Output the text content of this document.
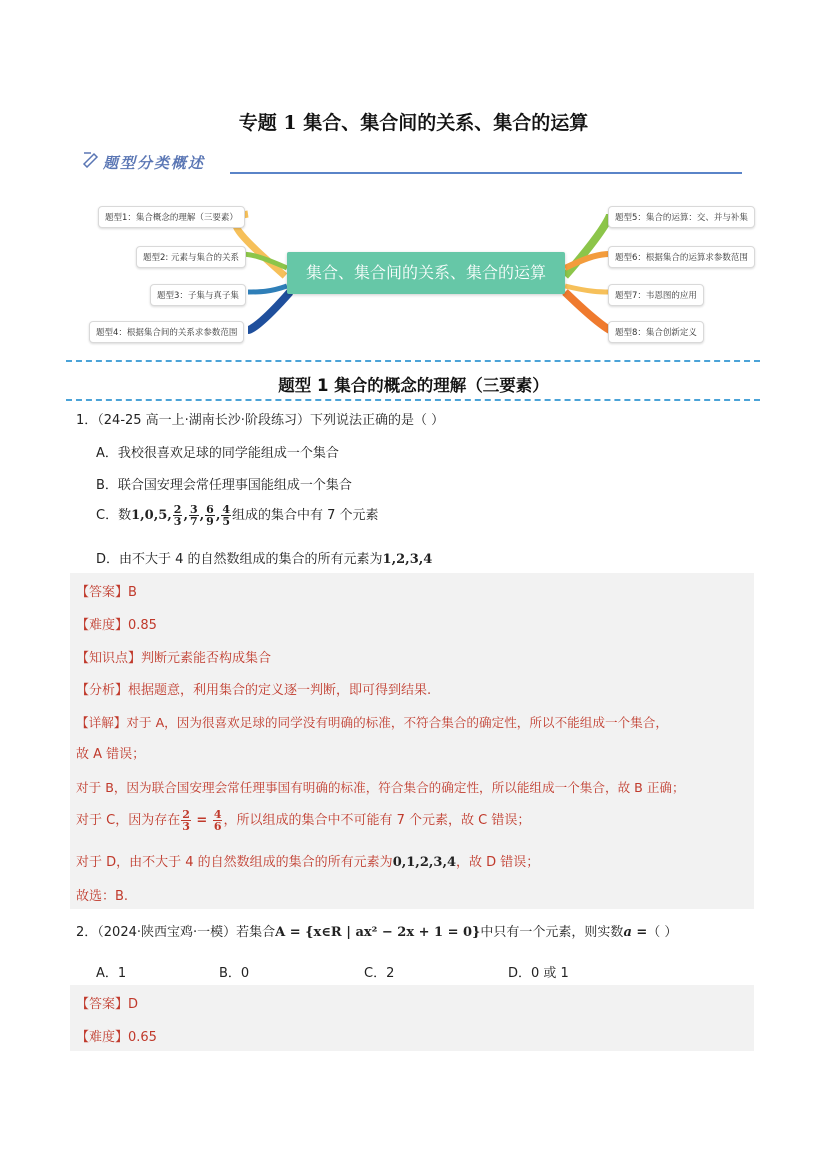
专题 1 集合、集合间的关系、集合的运算
题型分类概述
集合、集合间的关系、集合的运算
题型1：集合概念的理解（三要素）
题型2: 元素与集合的关系
题型3：子集与真子集
题型4：根据集合间的关系求参数范围
题型5：集合的运算：交、并与补集
题型6：根据集合的运算求参数范围
题型7：韦恩图的应用
题型8：集合创新定义
题型 1 集合的概念的理解（三要素）
1．（24-25 高一上·湖南长沙·阶段练习）下列说法正确的是（ ）
A．我校很喜欢足球的同学能组成一个集合
B．联合国安理会常任理事国能组成一个集合
C．数1,0,5, $\frac{2}{3}$ , $\frac{3}{7}$ , $\frac{6}{9}$ , $\frac{4}{5}$ 组成的集合中有 7 个元素
D．由不大于 4 的自然数组成的集合的所有元素为1,2,3,4
【答案】B
【难度】0.85
【知识点】判断元素能否构成集合
【分析】根据题意，利用集合的定义逐一判断，即可得到结果.
【详解】对于 A，因为很喜欢足球的同学没有明确的标准，不符合集合的确定性，所以不能组成一个集合，
故 A 错误；
对于 B，因为联合国安理会常任理事国有明确的标准，符合集合的确定性，所以能组成一个集合，故 B 正确；
对于 C，因为存在 $\frac{2}{3} = \frac{4}{6}$ ，所以组成的集合中不可能有 7 个元素，故 C 错误；
对于 D，由不大于 4 的自然数组成的集合的所有元素为0,1,2,3,4，故 D 错误；
故选：B.
2．（2024·陕西宝鸡·一模）若集合A = {x∈R | ax² − 2x + 1 = 0}中只有一个元素，则实数a =（ ）
A．1	B．0	C．2	D．0 或 1
【答案】D
【难度】0.65
